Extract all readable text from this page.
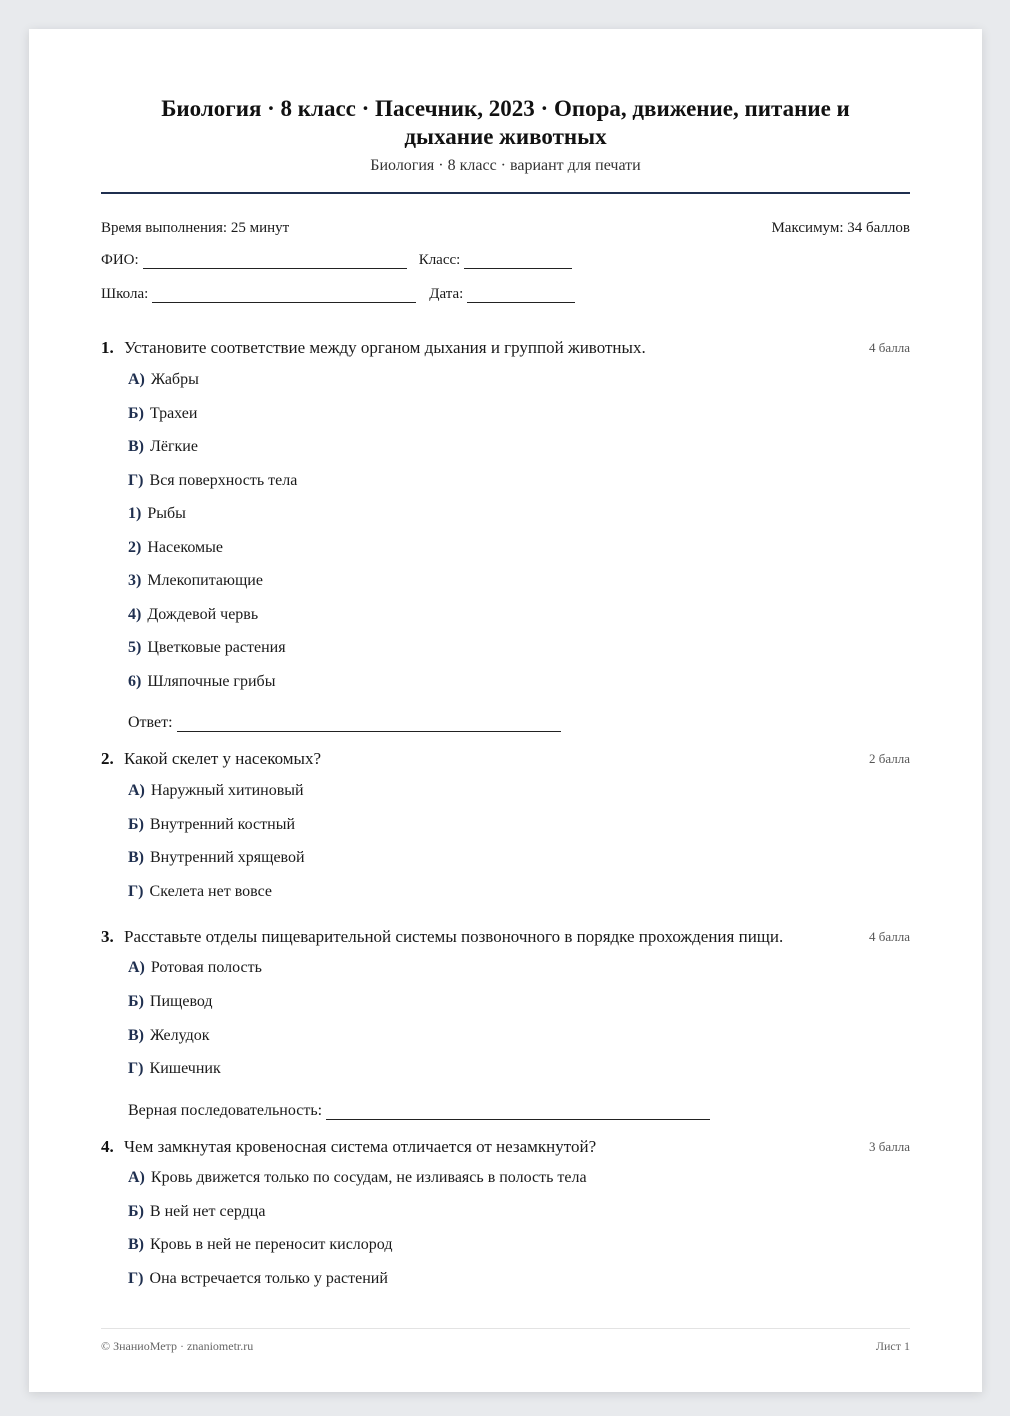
Биология · 8 класс · Пасечник, 2023 · Опора, движение, питание и дыхание животных
Биология · 8 класс · вариант для печати
Время выполнения: 25 минут	Максимум: 34 баллов
ФИО:	Класс:
Школа:	Дата:
1. Установите соответствие между органом дыхания и группой животных.	4 балла
А) Жабры
Б) Трахеи
В) Лёгкие
Г) Вся поверхность тела
1) Рыбы
2) Насекомые
3) Млекопитающие
4) Дождевой червь
5) Цветковые растения
6) Шляпочные грибы
Ответ:
2. Какой скелет у насекомых?	2 балла
А) Наружный хитиновый
Б) Внутренний костный
В) Внутренний хрящевой
Г) Скелета нет вовсе
3. Расставьте отделы пищеварительной системы позвоночного в порядке прохождения пищи.	4 балла
А) Ротовая полость
Б) Пищевод
В) Желудок
Г) Кишечник
Верная последовательность:
4. Чем замкнутая кровеносная система отличается от незамкнутой?	3 балла
А) Кровь движется только по сосудам, не изливаясь в полость тела
Б) В ней нет сердца
В) Кровь в ней не переносит кислород
Г) Она встречается только у растений
© ЗнаниоМетр · znaniometr.ru	Лист 1
